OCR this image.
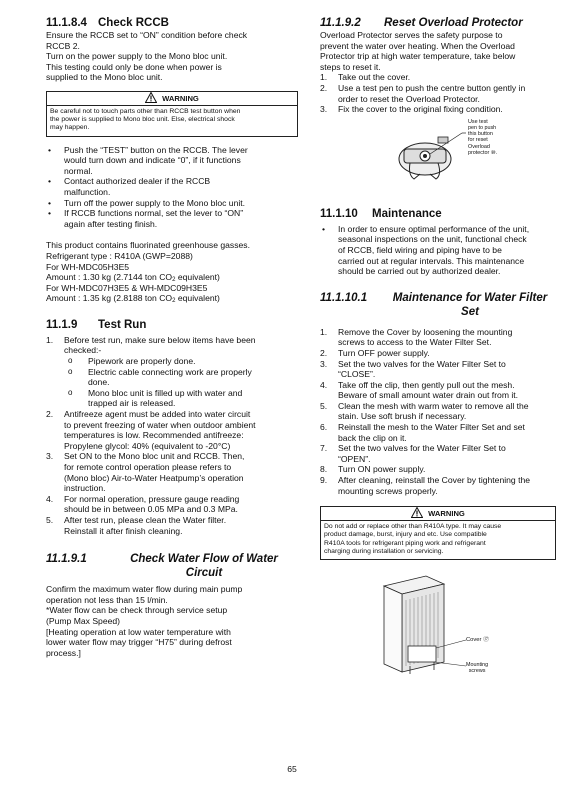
11.1.8.4 Check RCCB

Ensure the RCCB set to “ON” condition before check
RCCB 2.
Turn on the power supply to the Mono bloc unit.
This testing could only be done when power is
supplied to the Mono bloc unit.

WARNING
Be careful not to touch parts other than RCCB test button when
the power is supplied to Mono bloc unit. Else, electrical shock
may happen.
• Push the “TEST” button on the RCCB. The lever
would turn down and indicate “0”, if it functions
normal.
• Contact authorized dealer if the RCCB
malfunction.
• Turn off the power supply to the Mono bloc unit.
• If RCCB functions normal, set the lever to “ON”
again after testing finish.

This product contains fluorinated greenhouse gasses.
Refrigerant type : R410A (GWP=2088)
For WH-MDC05H3E5
Amount : 1.30 kg (2.7144 ton $CO_2$ equivalent)
For WH-MDC07H3E5 & WH-MDC09H3E5
Amount : 1.35 kg (2.8188 ton $CO_2$ equivalent)

11.1.9 Test Run
1. Before test run, make sure below items have been
checked:-
o Pipework are properly done.
o Electric cable connecting work are properly
done.
o Mono bloc unit is filled up with water and
trapped air is released.
2. Antifreeze agent must be added into water circuit
to prevent freezing of water when outdoor ambient
temperatures is low. Recommended antifreeze:
Propylene glycol: 40% (equivalent to -20°C)
3. Set ON to the Mono bloc unit and RCCB. Then,
for remote control operation please refers to
(Mono bloc) Air-to-Water Heatpump’s operation
instruction.
4. For normal operation, pressure gauge reading
should be in between 0.05 MPa and 0.3 MPa.
5. After test run, please clean the Water filter.
Reinstall it after finish cleaning.
11.1.9.1	Check Water Flow of Water
Circuit

Confirm the maximum water flow during main pump
operation not less than 15 l/min.
*Water flow can be check through service setup
(Pump Max Speed)
[Heating operation at low water temperature with
lower water flow may trigger “H75” during defrost
process.]

11.1.9.2	Reset Overload Protector

Overload Protector serves the safety purpose to
prevent the water over heating. When the Overload
Protector trip at high water temperature, take below
steps to reset it.

1. Take out the cover.
2. Use a test pen to push the centre button gently in
order to reset the Overload Protector.
3. Fix the cover to the original fixing condition.
Use test
pen to push
this button
for reset
Overload
protector ⑩.
11.1.10 Maintenance
• In order to ensure optimal performance of the unit,
seasonal inspections on the unit, functional check
of RCCB, field wiring and piping have to be
carried out at regular intervals. This maintenance
should be carried out by authorized dealer.
11.1.10.1	Maintenance for Water Filter
Set
1. Remove the Cover by loosening the mounting
screws to access to the Water Filter Set.
2. Turn OFF power supply.
3. Set the two valves for the Water Filter Set to
“CLOSE”.
4. Take off the clip, then gently pull out the mesh.
Beware of small amount water drain out from it.
5. Clean the mesh with warm water to remove all the
stain. Use soft brush if necessary.
6. Reinstall the mesh to the Water Filter Set and set
back the clip on it.
7. Set the two valves for the Water Filter Set to
“OPEN”.
8. Turn ON power supply.
9. After cleaning, reinstall the Cover by tightening the
mounting screws properly.
WARNING
Do not add or replace other than R410A type. It may cause
product damage, burst, injury and etc. Use compatible
R410A tools for refrigerant piping work and refrigerant
charging during installation or servicing.
Cover ⑰
Mounting
screws
65
